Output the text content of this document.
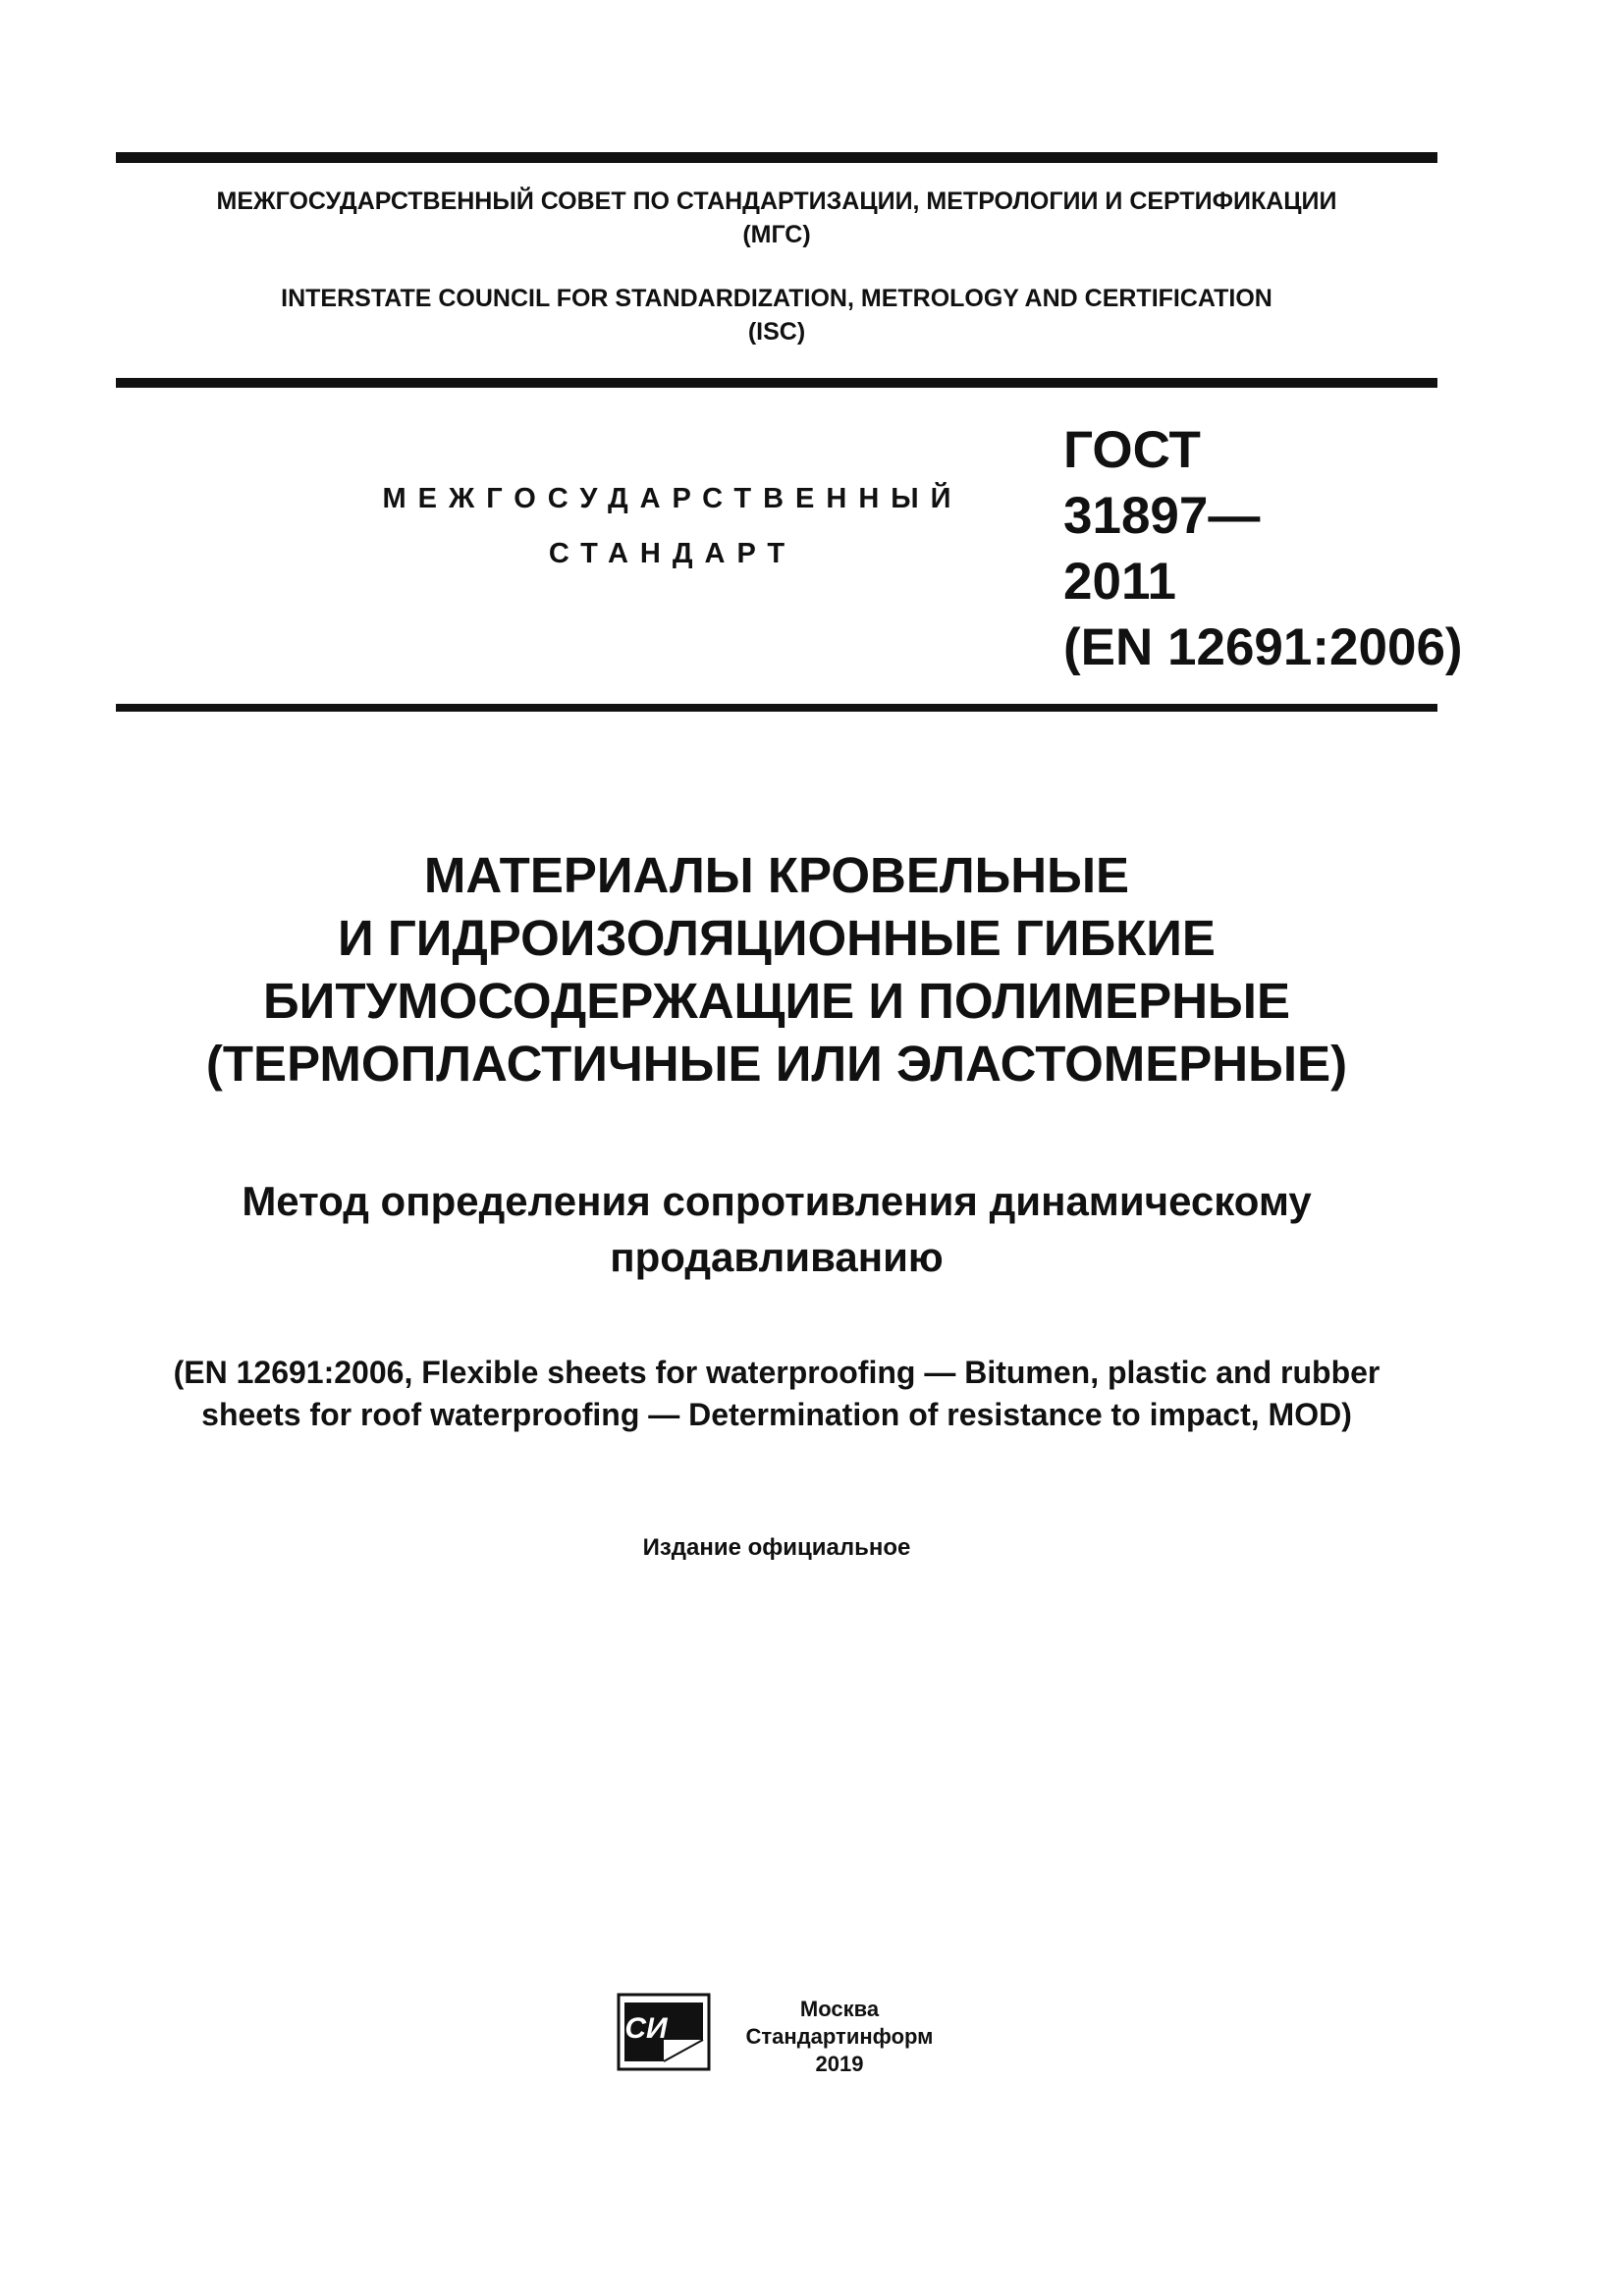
МЕЖГОСУДАРСТВЕННЫЙ СОВЕТ ПО СТАНДАРТИЗАЦИИ, МЕТРОЛОГИИ И СЕРТИФИКАЦИИ
(МГС)
INTERSTATE COUNCIL FOR STANDARDIZATION, METROLOGY AND CERTIFICATION
(ISC)
МЕЖГОСУДАРСТВЕННЫЙ
СТАНДАРТ
ГОСТ
31897—
2011
(EN 12691:2006)
МАТЕРИАЛЫ КРОВЕЛЬНЫЕ
И ГИДРОИЗОЛЯЦИОННЫЕ ГИБКИЕ
БИТУМОСОДЕРЖАЩИЕ И ПОЛИМЕРНЫЕ
(ТЕРМОПЛАСТИЧНЫЕ ИЛИ ЭЛАСТОМЕРНЫЕ)
Метод определения сопротивления динамическому
продавливанию
(EN 12691:2006, Flexible sheets for waterproofing — Bitumen, plastic and rubber
sheets for roof waterproofing — Determination of resistance to impact, MOD)
Издание официальное
СИ
Москва
Стандартинформ
2019
